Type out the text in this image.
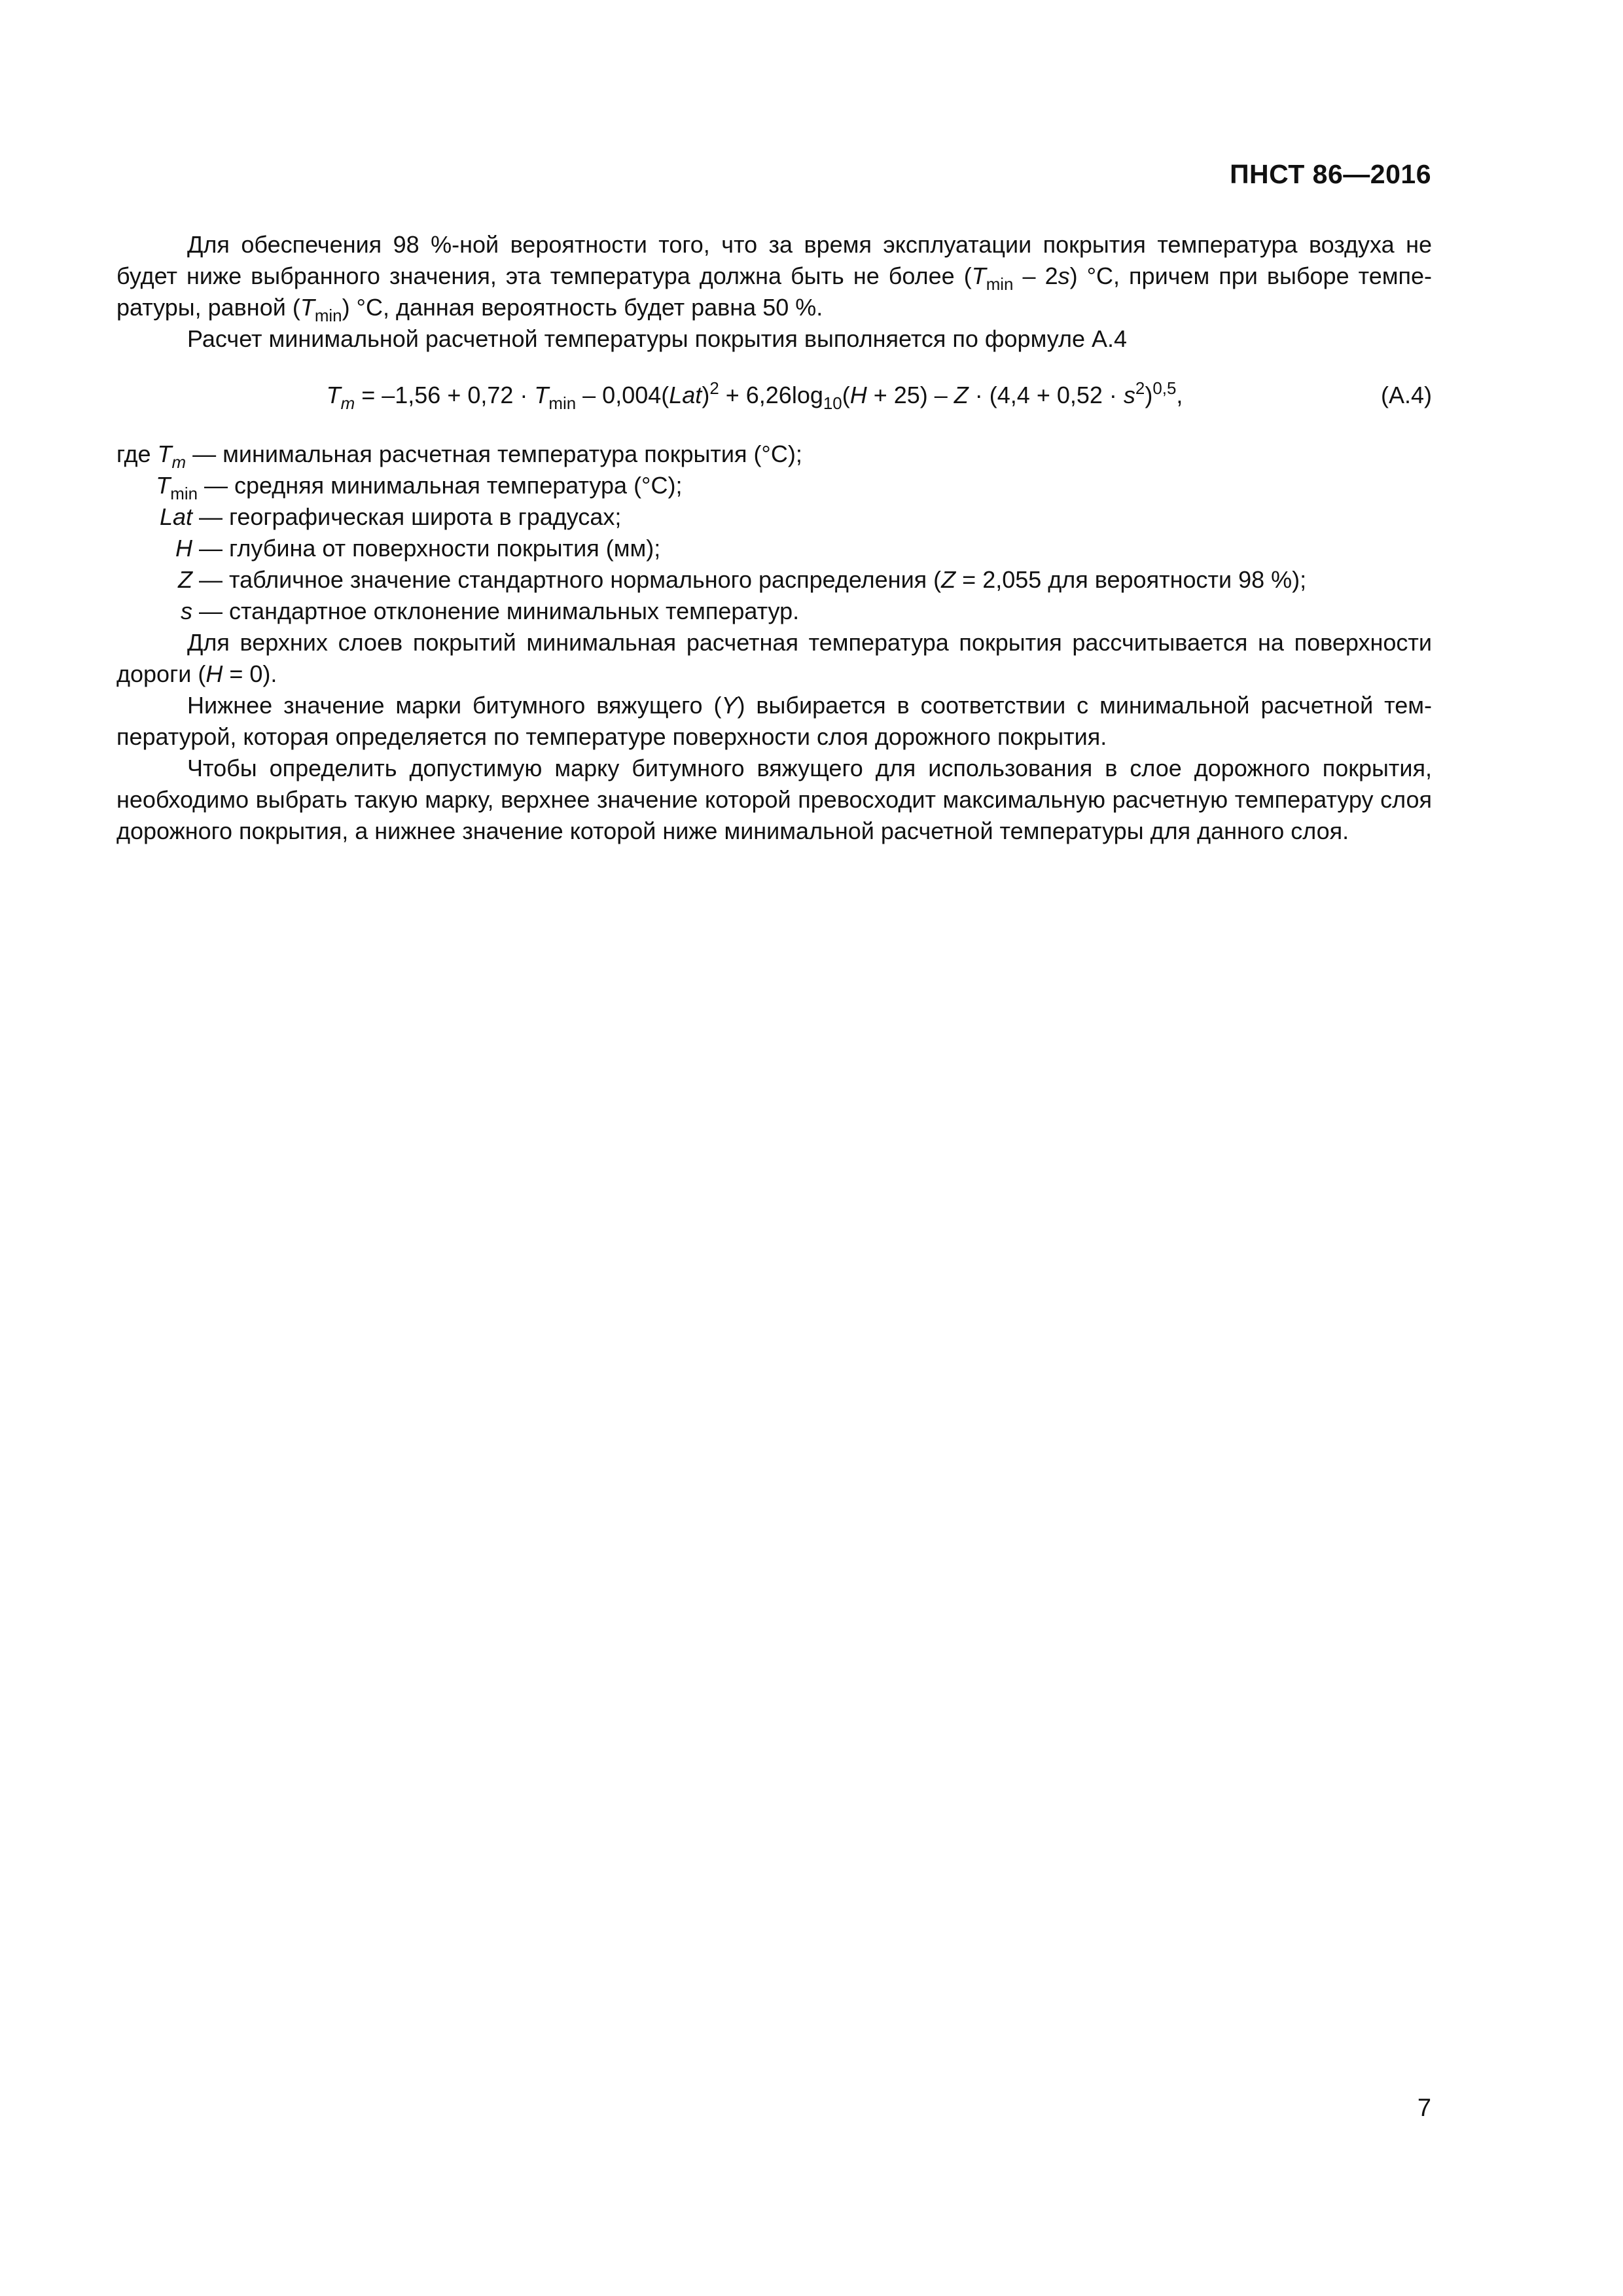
ПНСТ 86—2016

Для обеспечения 98 %-ной вероятности того, что за время эксплуатации покрытия температура воздуха не будет ниже выбранного значения, эта температура должна быть не более $(T_{min} - 2s)$ °C, причем при выборе температуры, равной $(T_{min})$ °C, данная вероятность будет равна 50 %.

Расчет минимальной расчетной температуры покрытия выполняется по формуле А.4

$T_m = -1,56 + 0,72 \cdot T_{min} - 0,004(Lat)^2 + 6,26\log_{10}(H + 25) - Z \cdot (4,4 + 0,52 \cdot s^2)^{0,5}$,	(А.4)
где $T_m$ — минимальная расчетная температура покрытия (°C);
$T_{min}$ — средняя минимальная температура (°C);
Lat — географическая широта в градусах;
H — глубина от поверхности покрытия (мм);
Z — табличное значение стандартного нормального распределения (Z = 2,055 для вероятности 98 %);
s — стандартное отклонение минимальных температур.

Для верхних слоев покрытий минимальная расчетная температура покрытия рассчитывается на поверхности дороги (H = 0).

Нижнее значение марки битумного вяжущего (Y) выбирается в соответствии с минимальной расчетной температурой, которая определяется по температуре поверхности слоя дорожного покрытия.

Чтобы определить допустимую марку битумного вяжущего для использования в слое дорожного покрытия, необходимо выбрать такую марку, верхнее значение которой превосходит максимальную расчетную температуру слоя дорожного покрытия, а нижнее значение которой ниже минимальной расчетной температуры для данного слоя.

7
